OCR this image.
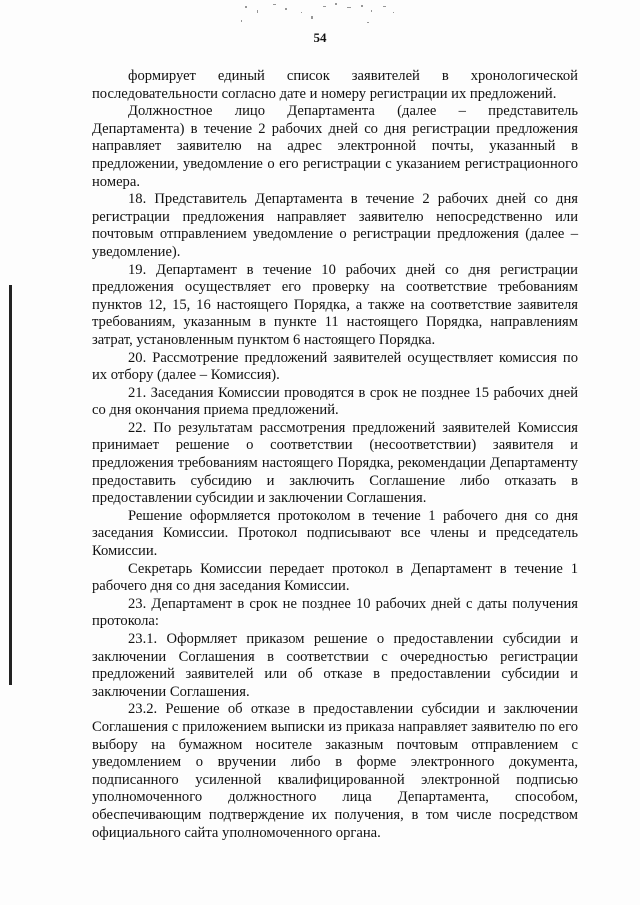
54

формирует единый список заявителей в хронологической последовательности согласно дате и номеру регистрации их предложений.

Должностное лицо Департамента (далее – представитель Департамента) в течение 2 рабочих дней со дня регистрации предложения направляет заявителю на адрес электронной почты, указанный в предложении, уведомление о его регистрации с указанием регистрационного номера.

18. Представитель Департамента в течение 2 рабочих дней со дня регистрации предложения направляет заявителю непосредственно или почтовым отправлением уведомление о регистрации предложения (далее – уведомление).

19. Департамент в течение 10 рабочих дней со дня регистрации предложения осуществляет его проверку на соответствие требованиям пунктов 12, 15, 16 настоящего Порядка, а также на соответствие заявителя требованиям, указанным в пункте 11 настоящего Порядка, направлениям затрат, установленным пунктом 6 настоящего Порядка.

20. Рассмотрение предложений заявителей осуществляет комиссия по их отбору (далее – Комиссия).

21. Заседания Комиссии проводятся в срок не позднее 15 рабочих дней со дня окончания приема предложений.

22. По результатам рассмотрения предложений заявителей Комиссия принимает решение о соответствии (несоответствии) заявителя и предложения требованиям настоящего Порядка, рекомендации Департаменту предоставить субсидию и заключить Соглашение либо отказать в предоставлении субсидии и заключении Соглашения.

Решение оформляется протоколом в течение 1 рабочего дня со дня заседания Комиссии. Протокол подписывают все члены и председатель Комиссии.

Секретарь Комиссии передает протокол в Департамент в течение 1 рабочего дня со дня заседания Комиссии.

23. Департамент в срок не позднее 10 рабочих дней с даты получения протокола:

23.1. Оформляет приказом решение о предоставлении субсидии и заключении Соглашения в соответствии с очередностью регистрации предложений заявителей или об отказе в предоставлении субсидии и заключении Соглашения.

23.2. Решение об отказе в предоставлении субсидии и заключении Соглашения с приложением выписки из приказа направляет заявителю по его выбору на бумажном носителе заказным почтовым отправлением с уведомлением о вручении либо в форме электронного документа, подписанного усиленной квалифицированной электронной подписью уполномоченного должностного лица Департамента, способом, обеспечивающим подтверждение их получения, в том числе посредством официального сайта уполномоченного органа.
